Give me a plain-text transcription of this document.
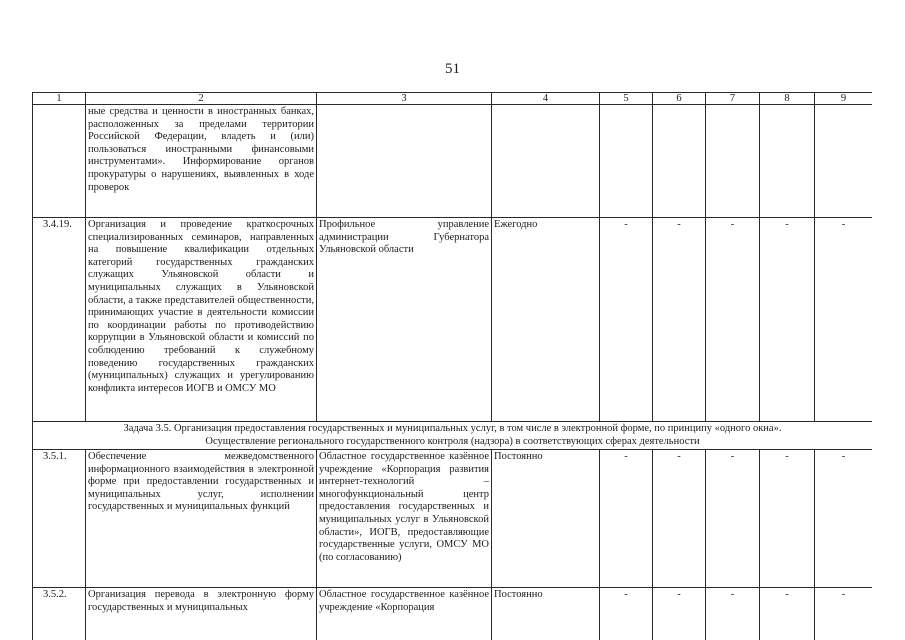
51
1	2	3	4	5	6	7	8	9
	ные средства и ценности в иностранных банках, расположенных за пределами территории Российской Федерации, владеть и (или) пользоваться иностранными финансовыми инструментами». Информирование органов прокуратуры о нарушениях, выявленных в ходе проверок							
3.4.19.	Организация и проведение краткосрочных специализированных семинаров, направленных на повышение квалификации отдельных категорий государственных гражданских служащих Ульяновской области и муниципальных служащих в Ульяновской области, а также представителей общественности, принимающих участие в деятельности комиссии по координации работы по противодействию коррупции в Ульяновской области и комиссий по соблюдению требований к служебному поведению государственных гражданских (муниципальных) служащих и урегулированию конфликта интересов ИОГВ и ОМСУ МО	Профильное управление администрации Губернатора Ульяновской области	Ежегодно	-	-	-	-	-

Задача 3.5. Организация предоставления государственных и муниципальных услуг, в том числе в электронной форме, по принципу «одного окна».
Осуществление регионального государственного контроля (надзора) в соответствующих сферах деятельности								

3.5.1.	Обеспечение межведомственного информационного взаимодействия в электронной форме при предоставлении государственных и муниципальных услуг, исполнении государственных и муниципальных функций	Областное государственное казённое учреждение «Корпорация развития интернет-технологий – многофункциональный центр предоставления государственных и муниципальных услуг в Ульяновской области», ИОГВ, предоставляющие государственные услуги, ОМСУ МО (по согласованию)	Постоянно	-	-	-	-	-
3.5.2.	Организация перевода в электронную форму государственных и муниципальных	Областное государственное казённое учреждение «Корпорация	Постоянно	-	-	-	-	-
